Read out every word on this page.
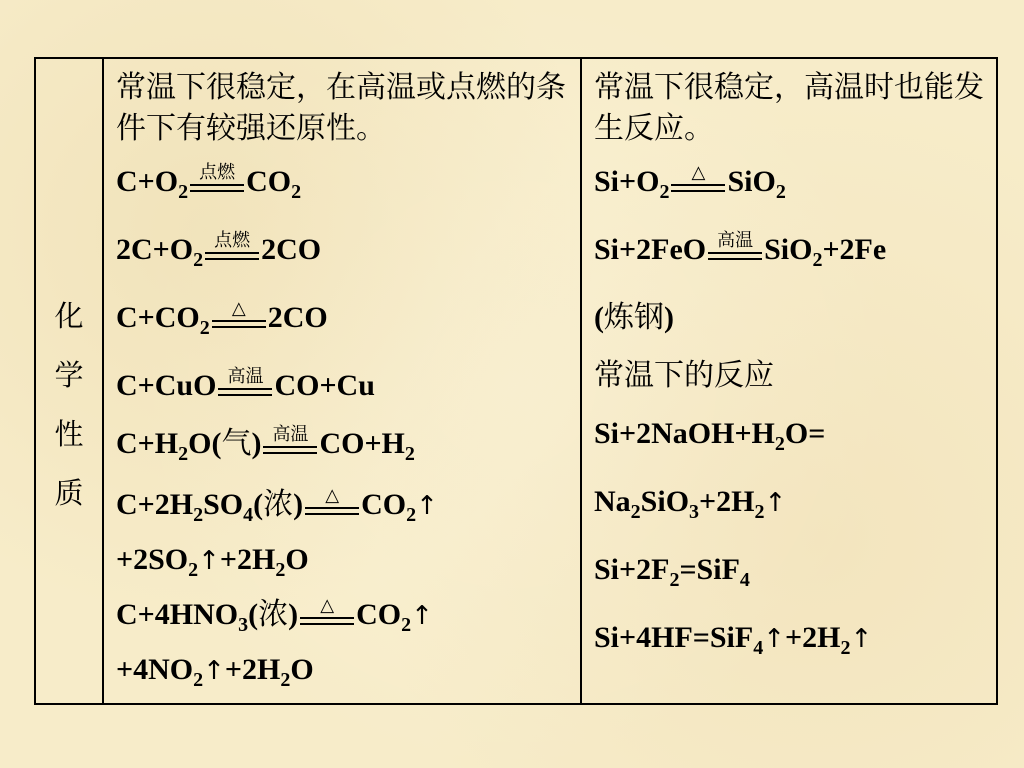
化
学
性
质

常温下很稳定，在高温或点燃的条件下有较强还原性。

$C+O_2$
点燃 $CO_2$
$2C+O_2$
点燃 2CO
$C+CO_2$
△ 2CO
C+CuO 高温 CO+Cu
$C+H_2O$(气) 高温 $CO+H_2$
$C+2H_2SO_4$(浓) △ $CO_2↑$
$+2SO_2↑+2H_2O$
$C+4HNO_3$(浓) △ $CO_2↑$
$+4NO_2↑+2H_2O$

常温下很稳定，高温时也能发生反应。

$Si+O_2$
△ SiO$_2$
Si+2FeO 高温 SiO$_2$+2Fe
(炼钢)
常温下的反应
$Si+2NaOH+H_2O=$
$Na_2SiO_3+2H_2↑$
$Si+2F_2=SiF_4$
$Si+4HF=SiF_4↑+2H_2↑$
